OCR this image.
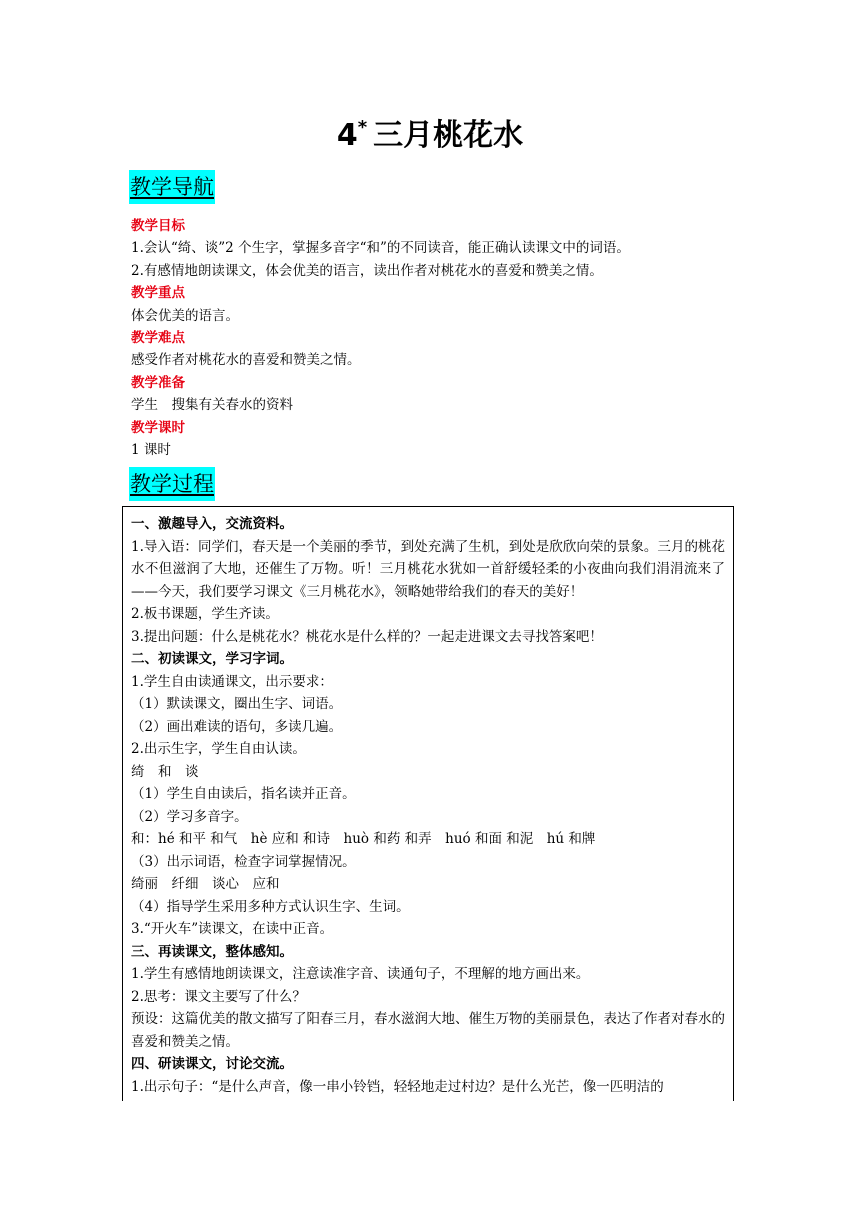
4* 三月桃花水
教学导航
教学目标
1.会认“绮、谈”2 个生字，掌握多音字“和”的不同读音，能正确认读课文中的词语。
2.有感情地朗读课文，体会优美的语言，读出作者对桃花水的喜爱和赞美之情。
教学重点
体会优美的语言。
教学难点
感受作者对桃花水的喜爱和赞美之情。
教学准备
学生　搜集有关春水的资料
教学课时
1 课时
教学过程
一、激趣导入，交流资料。
1.导入语：同学们，春天是一个美丽的季节，到处充满了生机，到处是欣欣向荣的景象。三月的桃花水不但滋润了大地，还催生了万物。听！三月桃花水犹如一首舒缓轻柔的小夜曲向我们涓涓流来了——今天，我们要学习课文《三月桃花水》，领略她带给我们的春天的美好！
2.板书课题，学生齐读。
3.提出问题：什么是桃花水？桃花水是什么样的？一起走进课文去寻找答案吧！
二、初读课文，学习字词。
1.学生自由读通课文，出示要求：
（1）默读课文，圈出生字、词语。
（2）画出难读的语句，多读几遍。
2.出示生字，学生自由认读。
绮　和　谈
（1）学生自由读后，指名读并正音。
（2）学习多音字。
和：hé 和平 和气　hè 应和 和诗　huò 和药 和弄　huó 和面 和泥　hú 和牌
（3）出示词语，检查字词掌握情况。
绮丽　纤细　谈心　应和
（4）指导学生采用多种方式认识生字、生词。
3.“开火车”读课文，在读中正音。
三、再读课文，整体感知。
1.学生有感情地朗读课文，注意读准字音、读通句子，不理解的地方画出来。
2.思考：课文主要写了什么？
预设：这篇优美的散文描写了阳春三月，春水滋润大地、催生万物的美丽景色，表达了作者对春水的喜爱和赞美之情。
四、研读课文，讨论交流。
1.出示句子：“是什么声音，像一串小铃铛，轻轻地走过村边？是什么光芒，像一匹明洁的
